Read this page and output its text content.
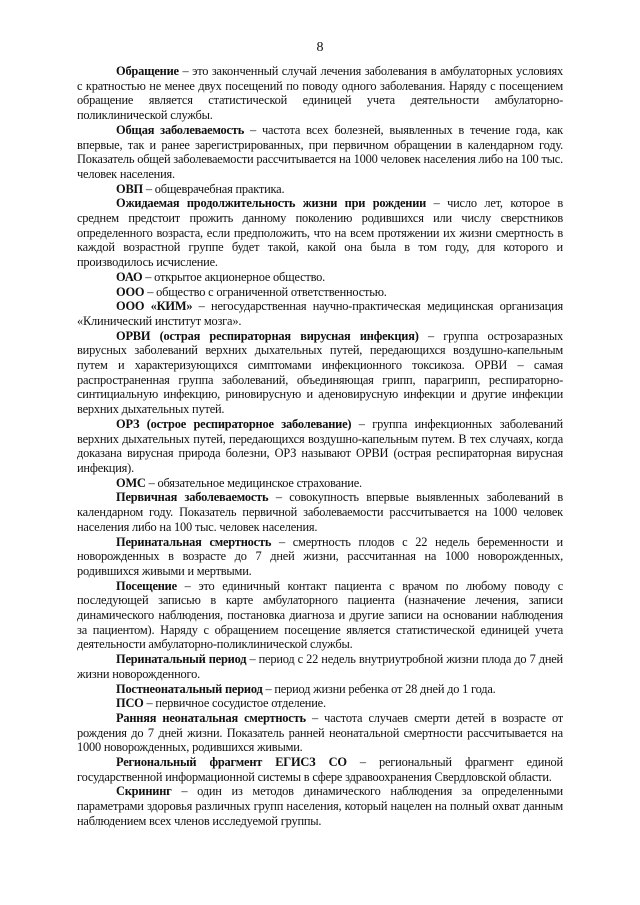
8

Обращение – это законченный случай лечения заболевания в амбулаторных условиях с кратностью не менее двух посещений по поводу одного заболевания. Наряду с посещением обращение является статистической единицей учета деятельности амбулаторно-поликлинической службы.

Общая заболеваемость – частота всех болезней, выявленных в течение года, как впервые, так и ранее зарегистрированных, при первичном обращении в календарном году. Показатель общей заболеваемости рассчитывается на 1000 человек населения либо на 100 тыс. человек населения.

ОВП – общеврачебная практика.

Ожидаемая продолжительность жизни при рождении – число лет, которое в среднем предстоит прожить данному поколению родившихся или числу сверстников определенного возраста, если предположить, что на всем протяжении их жизни смертность в каждой возрастной группе будет такой, какой она была в том году, для которого и производилось исчисление.

ОАО – открытое акционерное общество.

ООО – общество с ограниченной ответственностью.

ООО «КИМ» – негосударственная научно-практическая медицинская организация «Клинический институт мозга».

ОРВИ (острая респираторная вирусная инфекция) – группа острозаразных вирусных заболеваний верхних дыхательных путей, передающихся воздушно-капельным путем и характеризующихся симптомами инфекционного токсикоза. ОРВИ – самая распространенная группа заболеваний, объединяющая грипп, парагрипп, респираторно-синтициальную инфекцию, риновирусную и аденовирусную инфекции и другие инфекции верхних дыхательных путей.

ОРЗ (острое респираторное заболевание) – группа инфекционных заболеваний верхних дыхательных путей, передающихся воздушно-капельным путем. В тех случаях, когда доказана вирусная природа болезни, ОРЗ называют ОРВИ (острая респираторная вирусная инфекция).

ОМС – обязательное медицинское страхование.

Первичная заболеваемость – совокупность впервые выявленных заболеваний в календарном году. Показатель первичной заболеваемости рассчитывается на 1000 человек населения либо на 100 тыс. человек населения.

Перинатальная смертность – смертность плодов с 22 недель беременности и новорожденных в возрасте до 7 дней жизни, рассчитанная на 1000 новорожденных, родившихся живыми и мертвыми.

Посещение – это единичный контакт пациента с врачом по любому поводу с последующей записью в карте амбулаторного пациента (назначение лечения, записи динамического наблюдения, постановка диагноза и другие записи на основании наблюдения за пациентом). Наряду с обращением посещение является статистической единицей учета деятельности амбулаторно-поликлинической службы.

Перинатальный период – период с 22 недель внутриутробной жизни плода до 7 дней жизни новорожденного.

Постнеонатальный период – период жизни ребенка от 28 дней до 1 года.

ПСО – первичное сосудистое отделение.

Ранняя неонатальная смертность – частота случаев смерти детей в возрасте от рождения до 7 дней жизни. Показатель ранней неонатальной смертности рассчитывается на 1000 новорожденных, родившихся живыми.

Региональный фрагмент ЕГИСЗ СО – региональный фрагмент единой государственной информационной системы в сфере здравоохранения Свердловской области.

Скрининг – один из методов динамического наблюдения за определенными параметрами здоровья различных групп населения, который нацелен на полный охват данным наблюдением всех членов исследуемой группы.
